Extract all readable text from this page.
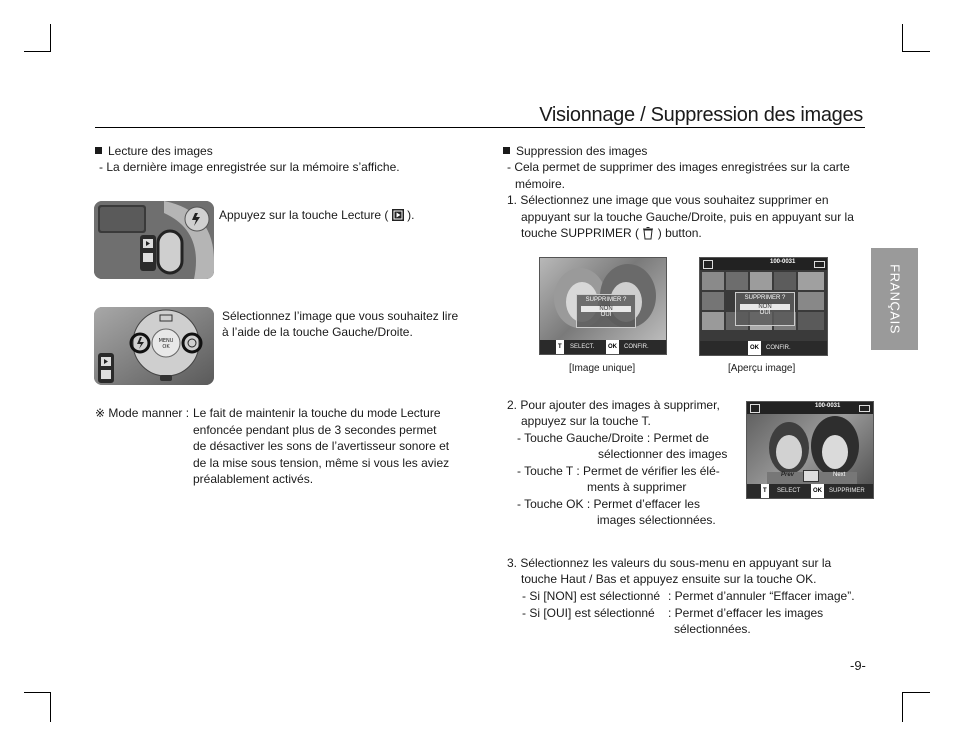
Visionnage / Suppression des images
FRANÇAIS
Lecture des images
- La dernière image enregistrée sur la mémoire s’affiche.
Appuyez sur la touche Lecture ( ).
MENU
OK
Sélectionnez l’image que vous souhaitez lire
à l’aide de la touche Gauche/Droite.
※ Mode manner : Le fait de maintenir la touche du mode Lecture
enfoncée pendant plus de 3 secondes permet
de désactiver les sons de l’avertisseur sonore et
de la mise sous tension, même si vous les aviez
préalablement activés.
Suppression des images
- Cela permet de supprimer des images enregistrées sur la carte
mémoire.
1. Sélectionnez une image que vous souhaitez supprimer en
appuyant sur la touche Gauche/Droite, puis en appuyant sur la
touche SUPPRIMER ( ) button.
SUPPRIMER ?
NON
OUI
T	SELECT.	OK	CONFIR.
[Image unique]
100-0031
SUPPRIMER ?
NON
OUI
OK	CONFIR.
[Aperçu image]
2. Pour ajouter des images à supprimer,
appuyez sur la touche T.
- Touche Gauche/Droite : Permet de
sélectionner des images
- Touche T : Permet de vérifier les élé-
ments à supprimer
- Touche OK : Permet d’effacer les
images sélectionnées.
100-0031
Prev	Next
T	SELECT	OK	SUPPRIMER
3. Sélectionnez les valeurs du sous-menu en appuyant sur la
touche Haut / Bas et appuyez ensuite sur la touche OK.
- Si [NON] est sélectionné : Permet d’annuler “Effacer image”.
- Si [OUI] est sélectionné : Permet d’effacer les images
sélectionnées.
-9-
